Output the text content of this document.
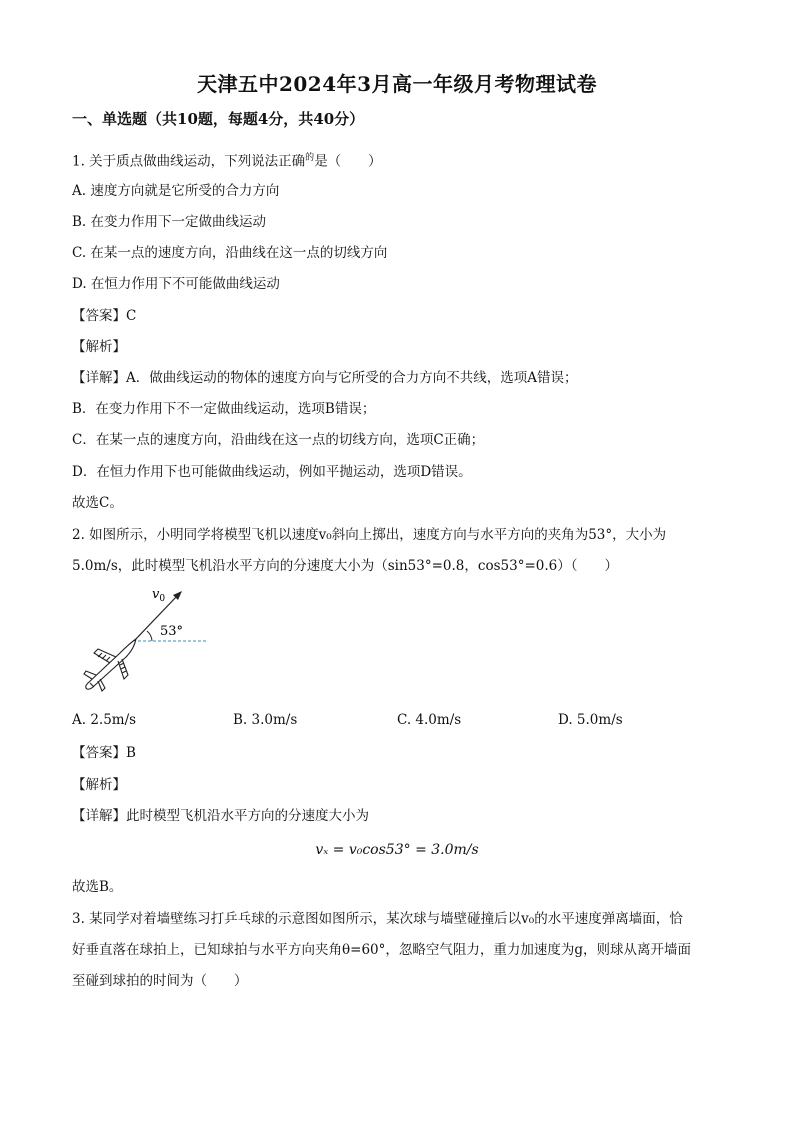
天津五中2024年3月高一年级月考物理试卷
一、单选题（共10题，每题4分，共40分）
1. 关于质点做曲线运动，下列说法正确$^的$是（　　）
A. 速度方向就是它所受的合力方向
B. 在变力作用下一定做曲线运动
C. 在某一点的速度方向，沿曲线在这一点的切线方向
D. 在恒力作用下不可能做曲线运动
【答案】C
【解析】
【详解】A．做曲线运动的物体的速度方向与它所受的合力方向不共线，选项A错误；
B．在变力作用下不一定做曲线运动，选项B错误；
C．在某一点的速度方向，沿曲线在这一点的切线方向，选项C正确；
D．在恒力作用下也可能做曲线运动，例如平抛运动，选项D错误。
故选C。
2. 如图所示，小明同学将模型飞机以速度v₀斜向上掷出，速度方向与水平方向的夹角为53°，大小为
5.0m/s，此时模型飞机沿水平方向的分速度大小为（sin53°=0.8，cos53°=0.6）（　　）
$v_0$
53°
A. 2.5m/s	B. 3.0m/s	C. 4.0m/s	D. 5.0m/s
【答案】B
【解析】
【详解】此时模型飞机沿水平方向的分速度大小为
vₓ = v₀cos53° = 3.0m/s
故选B。
3. 某同学对着墙壁练习打乒乓球的示意图如图所示，某次球与墙壁碰撞后以v₀的水平速度弹离墙面，恰
好垂直落在球拍上，已知球拍与水平方向夹角θ=60°，忽略空气阻力，重力加速度为g，则球从离开墙面
至碰到球拍的时间为（　　）
